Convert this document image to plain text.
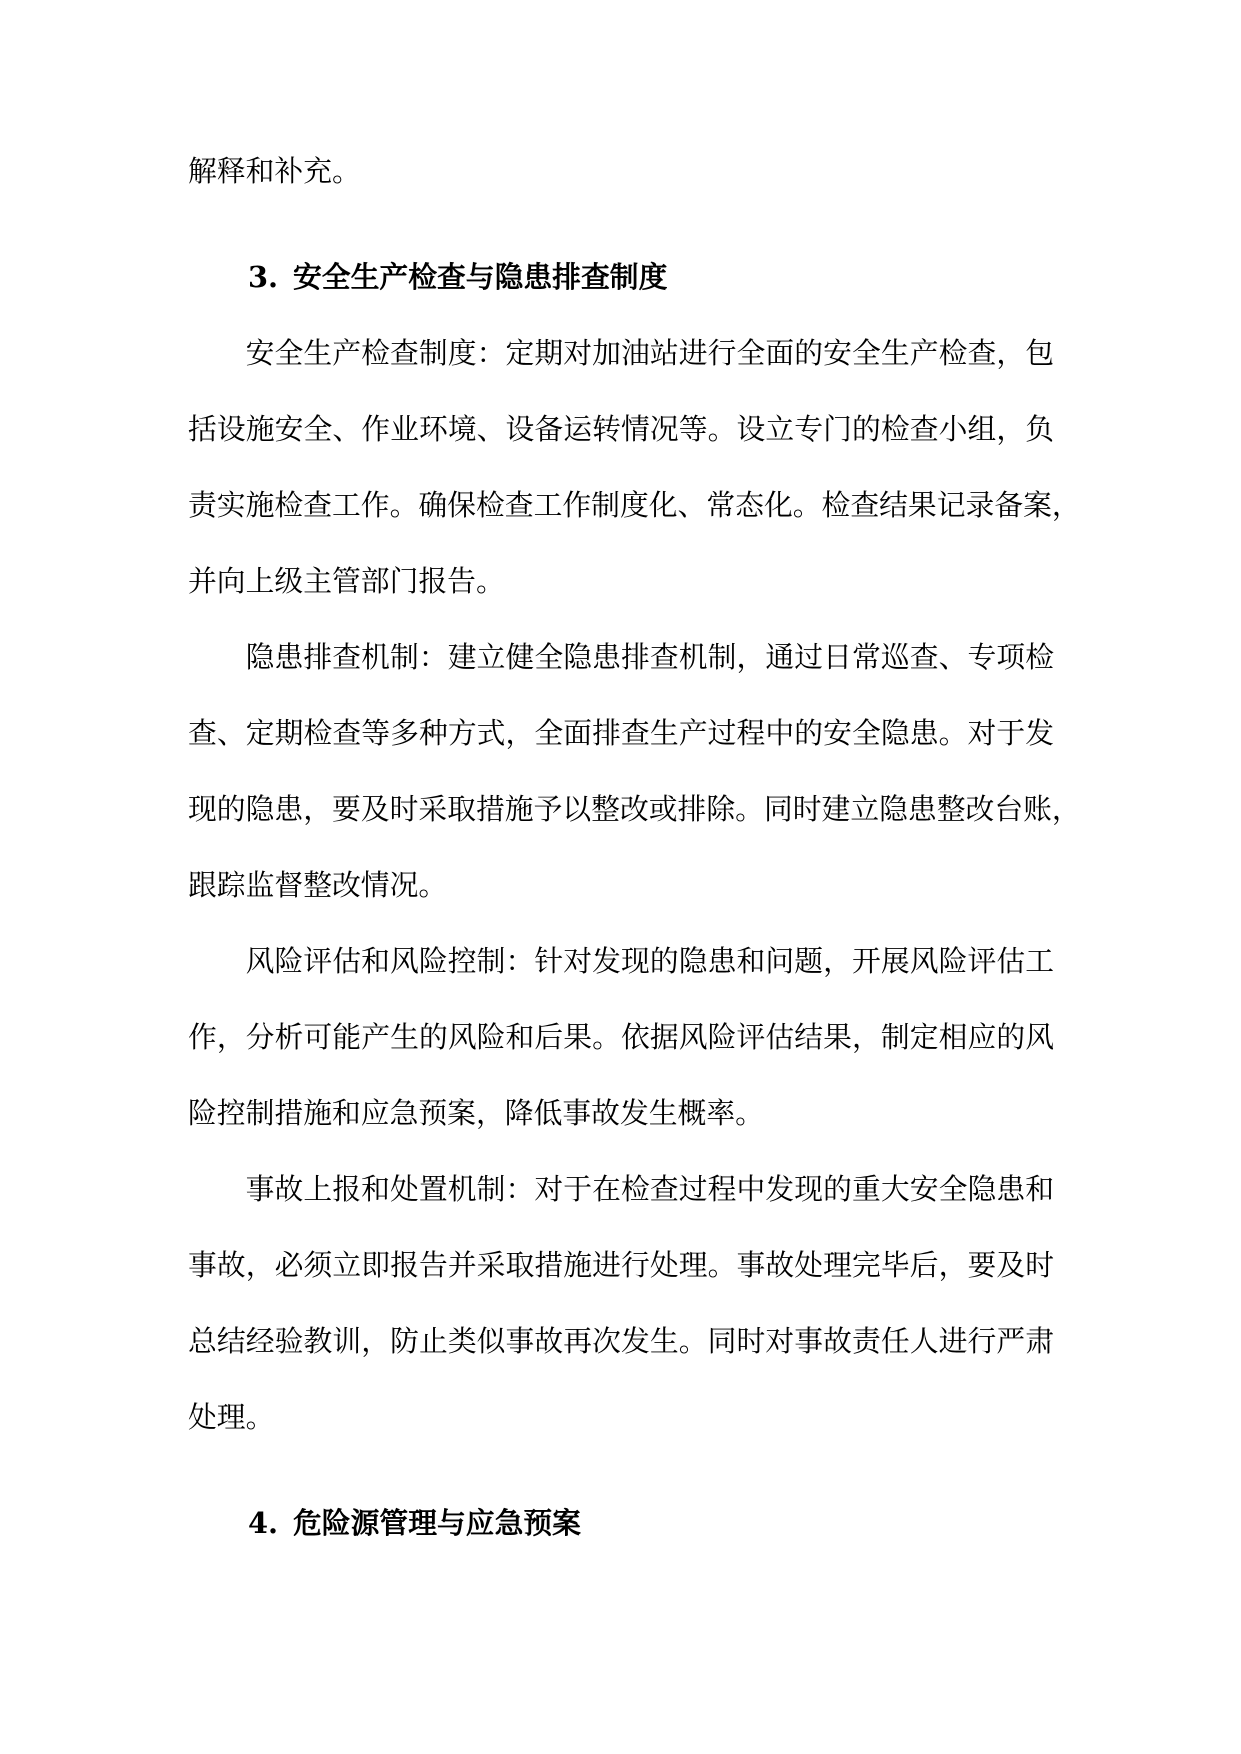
解释和补充。
3. 安全生产检查与隐患排查制度
安全生产检查制度：定期对加油站进行全面的安全生产检查，包
括设施安全、作业环境、设备运转情况等。设立专门的检查小组，负
责实施检查工作。确保检查工作制度化、常态化。检查结果记录备案，
并向上级主管部门报告。
隐患排查机制：建立健全隐患排查机制，通过日常巡查、专项检
查、定期检查等多种方式，全面排查生产过程中的安全隐患。对于发
现的隐患，要及时采取措施予以整改或排除。同时建立隐患整改台账，
跟踪监督整改情况。
风险评估和风险控制：针对发现的隐患和问题，开展风险评估工
作，分析可能产生的风险和后果。依据风险评估结果，制定相应的风
险控制措施和应急预案，降低事故发生概率。
事故上报和处置机制：对于在检查过程中发现的重大安全隐患和
事故，必须立即报告并采取措施进行处理。事故处理完毕后，要及时
总结经验教训，防止类似事故再次发生。同时对事故责任人进行严肃
处理。
4. 危险源管理与应急预案
